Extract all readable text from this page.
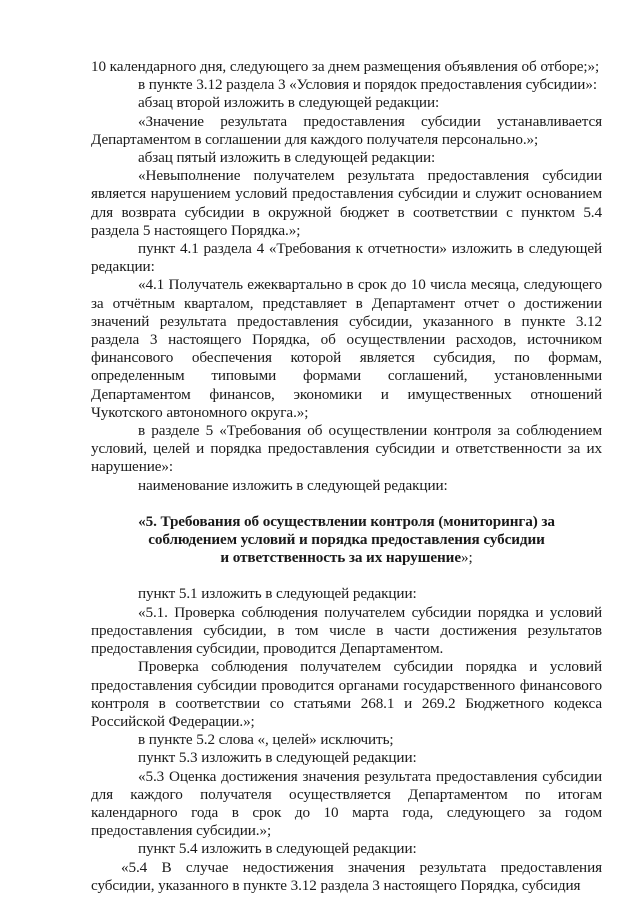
10 календарного дня, следующего за днем размещения объявления об отборе;»;

в пункте 3.12 раздела 3 «Условия и порядок предоставления субсидии»:

абзац второй изложить в следующей редакции:

«Значение результата предоставления субсидии устанавливается Департаментом в соглашении для каждого получателя персонально.»;

абзац пятый изложить в следующей редакции:

«Невыполнение получателем результата предоставления субсидии является нарушением условий предоставления субсидии и служит основанием для возврата субсидии в окружной бюджет в соответствии с пунктом 5.4 раздела 5 настоящего Порядка.»;

пункт 4.1 раздела 4 «Требования к отчетности» изложить в следующей редакции:

«4.1 Получатель ежеквартально в срок до 10 числа месяца, следующего за отчётным кварталом, представляет в Департамент отчет о достижении значений результата предоставления субсидии, указанного в пункте 3.12 раздела 3 настоящего Порядка, об осуществлении расходов, источником финансового обеспечения которой является субсидия, по формам, определенным типовыми формами соглашений, установленными Департаментом финансов, экономики и имущественных отношений Чукотского автономного округа.»;

в разделе 5 «Требования об осуществлении контроля за соблюдением условий, целей и порядка предоставления субсидии и ответственности за их нарушение»:

наименование изложить в следующей редакции:

«5. Требования об осуществлении контроля (мониторинга) за
соблюдением условий и порядка предоставления субсидии
и ответственность за их нарушение»;

пункт 5.1 изложить в следующей редакции:

«5.1. Проверка соблюдения получателем субсидии порядка и условий предоставления субсидии, в том числе в части достижения результатов предоставления субсидии, проводится Департаментом.

Проверка соблюдения получателем субсидии порядка и условий предоставления субсидии проводится органами государственного финансового контроля в соответствии со статьями 268.1 и 269.2 Бюджетного кодекса Российской Федерации.»;

в пункте 5.2 слова «, целей» исключить;

пункт 5.3 изложить в следующей редакции:

«5.3 Оценка достижения значения результата предоставления субсидии для каждого получателя осуществляется Департаментом по итогам календарного года в срок до 10 марта года, следующего за годом предоставления субсидии.»;

пункт 5.4 изложить в следующей редакции:

«5.4 В случае недостижения значения результата предоставления субсидии, указанного в пункте 3.12 раздела 3 настоящего Порядка, субсидия
